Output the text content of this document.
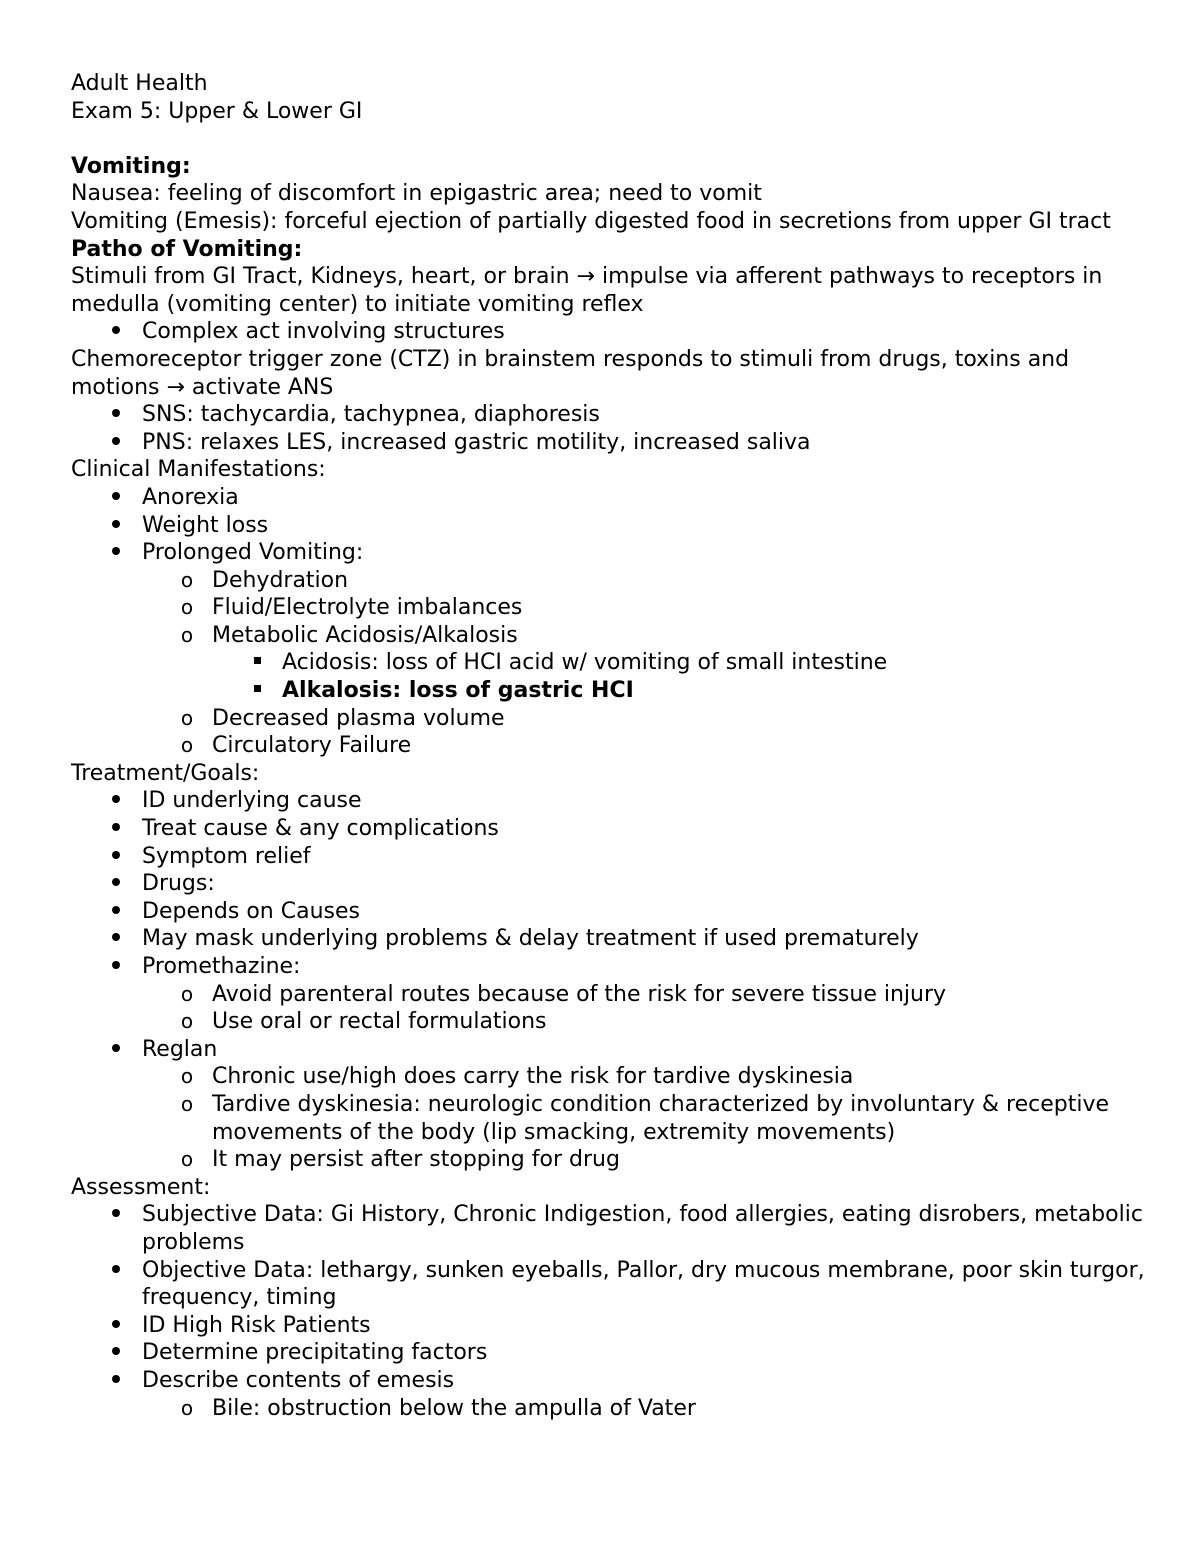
Adult Health
Exam 5: Upper & Lower GI
Vomiting:
Nausea: feeling of discomfort in epigastric area; need to vomit
Vomiting (Emesis): forceful ejection of partially digested food in secretions from upper GI tract
Patho of Vomiting:
Stimuli from GI Tract, Kidneys, heart, or brain → impulse via afferent pathways to receptors in medulla (vomiting center) to initiate vomiting reflex
Complex act involving structures
Chemoreceptor trigger zone (CTZ) in brainstem responds to stimuli from drugs, toxins and motions → activate ANS
SNS: tachycardia, tachypnea, diaphoresis
PNS: relaxes LES, increased gastric motility, increased saliva
Clinical Manifestations:
Anorexia
Weight loss
Prolonged Vomiting:
o Dehydration
o Fluid/Electrolyte imbalances
o Metabolic Acidosis/Alkalosis
Acidosis: loss of HCI acid w/ vomiting of small intestine
Alkalosis: loss of gastric HCI
o Decreased plasma volume
o Circulatory Failure
Treatment/Goals:
ID underlying cause
Treat cause & any complications
Symptom relief
Drugs:
Depends on Causes
May mask underlying problems & delay treatment if used prematurely
Promethazine:
o Avoid parenteral routes because of the risk for severe tissue injury
o Use oral or rectal formulations
Reglan
o Chronic use/high does carry the risk for tardive dyskinesia
o Tardive dyskinesia: neurologic condition characterized by involuntary & receptive movements of the body (lip smacking, extremity movements)
o It may persist after stopping for drug
Assessment:
Subjective Data: Gi History, Chronic Indigestion, food allergies, eating disrobers, metabolic problems
Objective Data: lethargy, sunken eyeballs, Pallor, dry mucous membrane, poor skin turgor, frequency, timing
ID High Risk Patients
Determine precipitating factors
Describe contents of emesis
o Bile: obstruction below the ampulla of Vater
